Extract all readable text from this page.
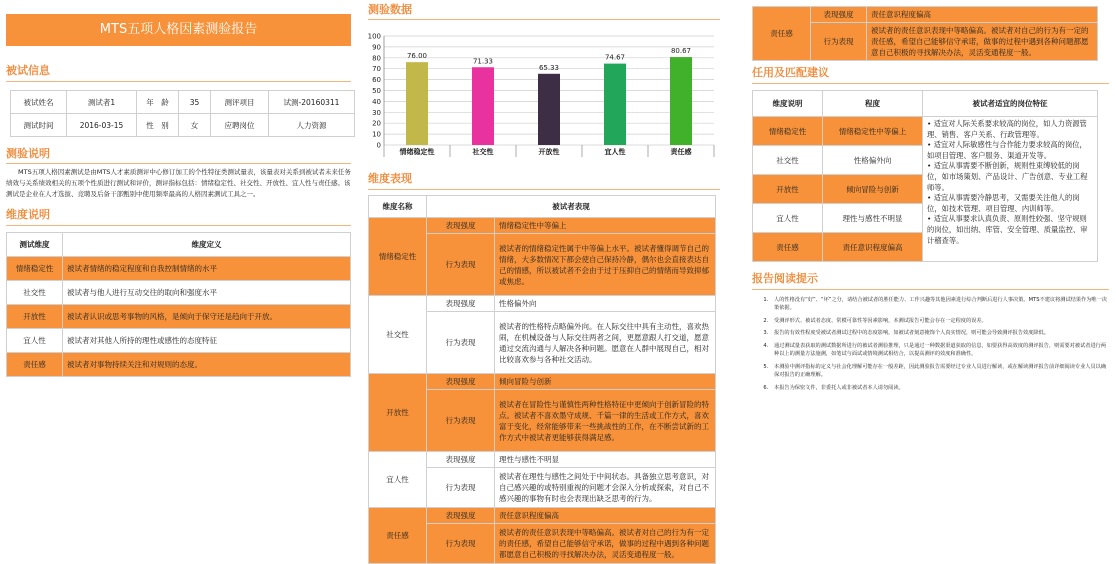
MTS五项人格因素测验报告
被试信息
被试姓名	测试者1	年　龄	35	测评项目	试测-20160311
测试时间	2016-03-15	性　别	女	应聘岗位	人力资源
测验说明

MTS五项人格因素测试是由MTS人才素质测评中心修订加工的个性特征类测试量表，该量表对关系到被试者未来任务绩效与关系绩效相关的五项个性质进行测试和评价，测评指标包括：情绪稳定性、社交性、开放性、宜人性与责任感。该测试是企业在人才选拔、竞聘及后备干部甄别中使用频率最高的人格因素测试工具之一。

维度说明
测试维度	维度定义
情绪稳定性	被试者情绪的稳定程度和自我控制情绪的水平
社交性	被试者与他人进行互动交往的取向和强度水平
开放性	被试者认识或思考事物的风格，是倾向于保守还是趋向于开放。
宜人性	被试者对其他人所持的理性或感性的态度特征
责任感	被试者对事物持续关注和对规则的态度。
测验数据
0
10
20
30
40
50
60
70
80
90
100
76.00
情绪稳定性
71.33
社交性
65.33
开放性
74.67
宜人性
80.67
责任感
维度表现
维度名称	被试者表现	
情绪稳定性	表现强度	情绪稳定性中等偏上
	行为表现	被试者的情绪稳定性属于中等偏上水平。被试者懂得调节自己的情绪，大多数情况下都会使自己保持冷静，偶尔也会直接表达自己的情感，所以被试者不会由于过于压抑自己的情绪而导致抑郁或焦虑。
社交性	表现强度	性格偏外向
	行为表现	被试者的性格特点略偏外向。在人际交往中具有主动性，喜欢热闹，在机械设备与人际交往两者之间，更愿意跟人打交道，愿意通过交流沟通与人解决各种问题。愿意在人群中展现自己，相对比较喜欢参与各种社交活动。
开放性	表现强度	倾向冒险与创新
	行为表现	被试者在冒险性与谨慎性两种性格特征中更倾向于创新冒险的特点。被试者不喜欢墨守成规、千篇一律的生活或工作方式，喜欢富于变化，经常能够带来一些挑战性的工作，在不断尝试新的工作方式中被试者更能够获得满足感。
宜人性	表现强度	理性与感性不明显
	行为表现	被试者在理性与感性之间处于中间状态。具备独立思考意识，对自己感兴趣的或特别重视的问题才会深入分析或探索，对自己不感兴趣的事物有时也会表现出缺乏思考的行为。
责任感	表现强度	责任意识程度偏高
	行为表现	被试者的责任意识表现中等略偏高。被试者对自己的行为有一定的责任感，希望自己能够信守承诺，做事的过程中遇到各种问题都愿意自己积极的寻找解决办法，灵活变通程度一般。
责任感	表现强度	责任意识程度偏高
	行为表现	被试者的责任意识表现中等略偏高。被试者对自己的行为有一定的责任感，希望自己能够信守承诺，做事的过程中遇到各种问题都愿意自己积极的寻找解决办法，灵活变通程度一般。
任用及匹配建议
维度说明	程度	被试者适宜的岗位特征
情绪稳定性	情绪稳定性中等偏上	• 适宜对人际关系要求较高的岗位，如人力资源管理、销售、客户关系、行政管理等。
• 适宜对人际敏感性与合作能力要求较高的岗位，如项目管理、客户服务、渠道开发等。
• 适宜从事需要不断创新，规则性束缚较低的岗位，如市场策划、产品设计、广告创意、专业工程师等。
• 适宜从事需要冷静思考，又需要关注他人的岗位，如技术管理、项目管理、内训师等。
• 适宜从事要求认真负责、原则性较强、坚守规则的岗位，如出纳、库管、安全管理、质量监控、审计稽查等。
社交性	性格偏外向	
开放性	倾向冒险与创新	
宜人性	理性与感性不明显	
责任感	责任意识程度偏高	
报告阅读提示
1. 人的性格没有“好”、“坏”之分，请结合被试者的胜任能力、工作兴趣等其他因素进行综合判断后进行人事决策。MTS不建议将测试结果作为唯一决策依据。
2. 受测评形式、被试者态度、常模可靠性等因素影响，本测试报告可能会存在一定程度的误差。
3. 报告的有效性程度受被试者测试过程中的态度影响，如被试者刻意掩饰个人真实情况，则可能会导致测评报告效度降低。
4. 通过测试量表获取的测试数据所进行的被试者测验推理，只是通过一种数据渠道获取的信息，如要获得高效度的测评报告，则需要对被试者进行两种以上的测量方法施测，如笔试与面试或情境测试相结合，以提高测评的效度和准确性。
5. 本测验中测评指标的定义与社会化理解可能存在一般差距，因此测验报告需要经过专业人员进行解读，或在解读测评报告前详细阅读专业人员以确保对报告的正确理解。
6. 本报告为保密文件，非委托人或非被试者本人请勿阅读。
